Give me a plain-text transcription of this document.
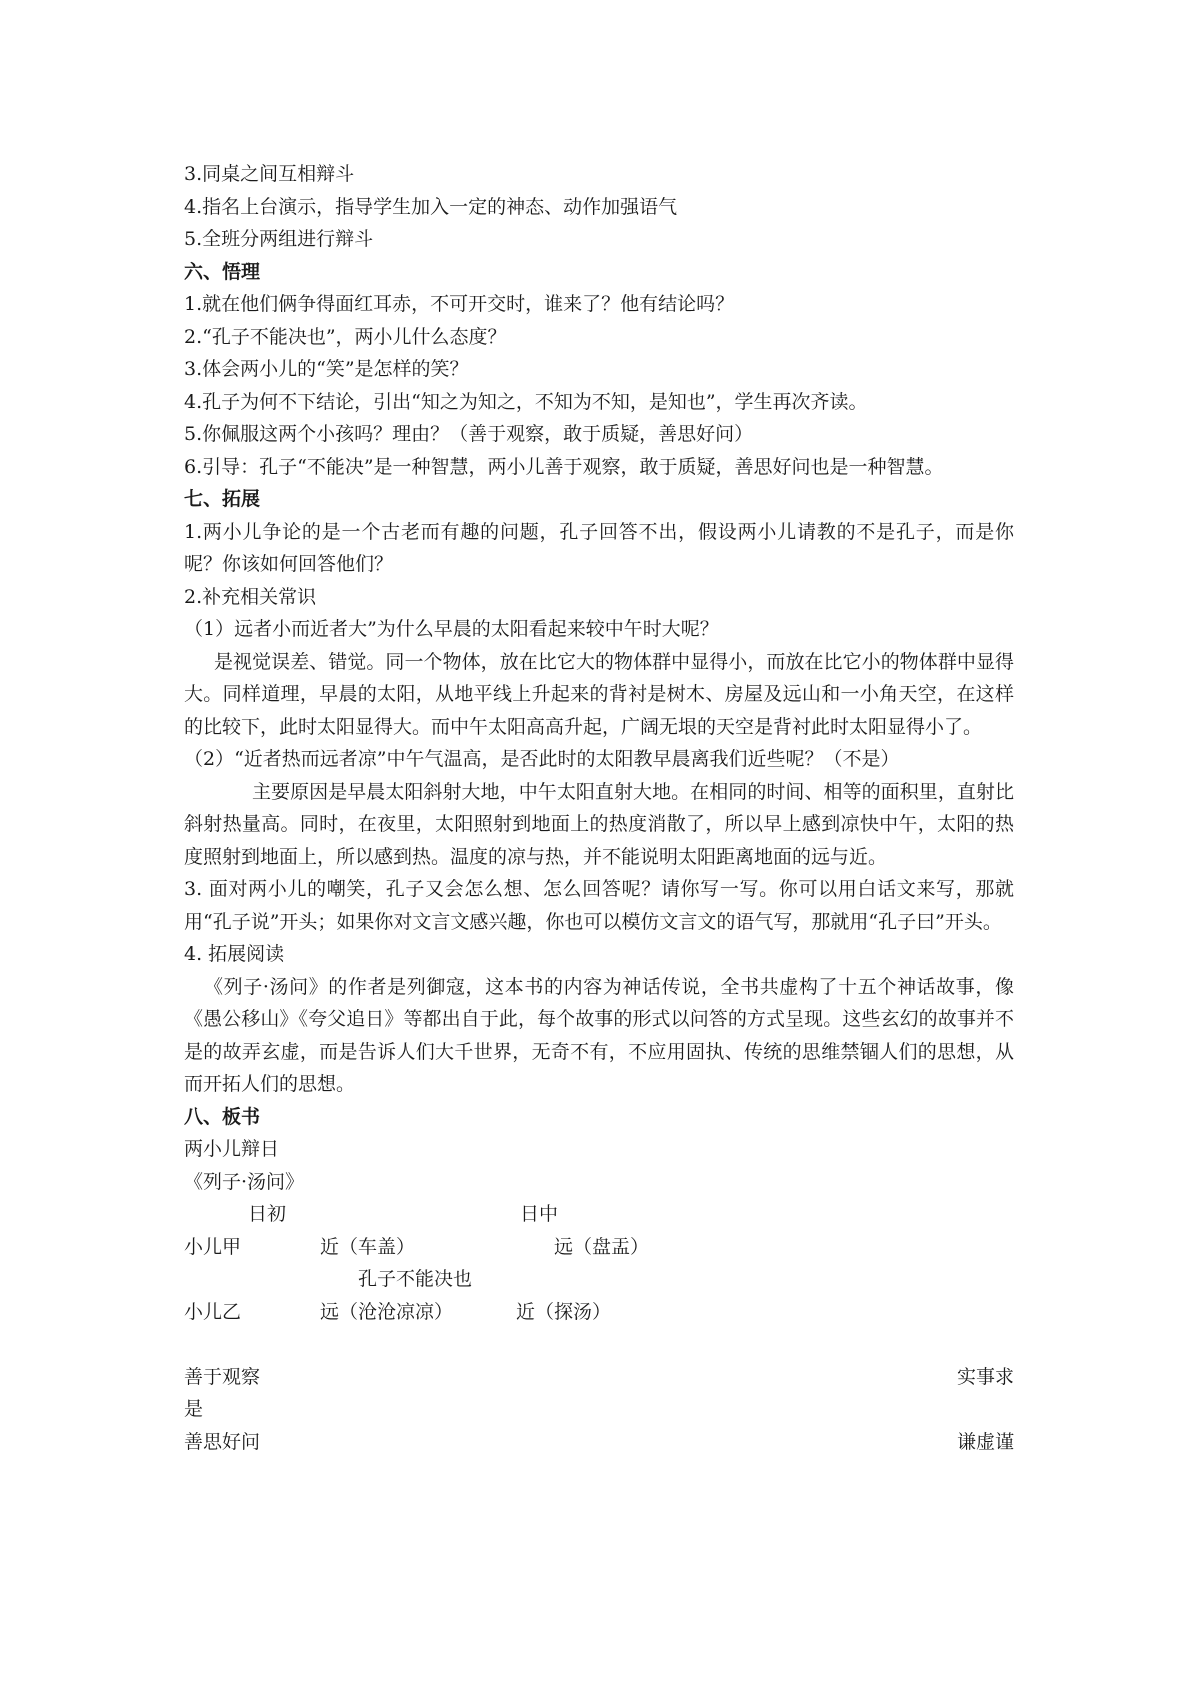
3.同桌之间互相辩斗
4.指名上台演示，指导学生加入一定的神态、动作加强语气
5.全班分两组进行辩斗
六、悟理
1.就在他们俩争得面红耳赤，不可开交时，谁来了？他有结论吗？
2.“孔子不能决也”，两小儿什么态度？
3.体会两小儿的“笑”是怎样的笑？
4.孔子为何不下结论，引出“知之为知之，不知为不知，是知也”，学生再次齐读。
5.你佩服这两个小孩吗？理由？（善于观察，敢于质疑，善思好问）
6.引导：孔子“不能决”是一种智慧，两小儿善于观察，敢于质疑，善思好问也是一种智慧。
七、拓展
1.两小儿争论的是一个古老而有趣的问题，孔子回答不出，假设两小儿请教的不是孔子，而是你呢？你该如何回答他们？
2.补充相关常识
（1）远者小而近者大”为什么早晨的太阳看起来较中午时大呢？
是视觉误差、错觉。同一个物体，放在比它大的物体群中显得小，而放在比它小的物体群中显得大。同样道理，早晨的太阳，从地平线上升起来的背衬是树木、房屋及远山和一小角天空，在这样的比较下，此时太阳显得大。而中午太阳高高升起，广阔无垠的天空是背衬此时太阳显得小了。
（2）“近者热而远者凉”中午气温高，是否此时的太阳教早晨离我们近些呢？（不是）
主要原因是早晨太阳斜射大地，中午太阳直射大地。在相同的时间、相等的面积里，直射比斜射热量高。同时，在夜里，太阳照射到地面上的热度消散了，所以早上感到凉快中午，太阳的热度照射到地面上，所以感到热。温度的凉与热，并不能说明太阳距离地面的远与近。
3. 面对两小儿的嘲笑，孔子又会怎么想、怎么回答呢？请你写一写。你可以用白话文来写，那就用“孔子说”开头；如果你对文言文感兴趣，你也可以模仿文言文的语气写，那就用“孔子曰”开头。
4. 拓展阅读
《列子·汤问》的作者是列御寇，这本书的内容为神话传说，全书共虚构了十五个神话故事，像《愚公移山》《夸父追日》等都出自于此，每个故事的形式以问答的方式呈现。这些玄幻的故事并不是的故弄玄虚，而是告诉人们大千世界，无奇不有，不应用固执、传统的思维禁锢人们的思想，从而开拓人们的思想。
八、板书
两小儿辩日
《列子·汤问》
日初	日中
小儿甲	近（车盖）	远（盘盂）
孔子不能决也
小儿乙	远（沧沧凉凉）	近（探汤）
善于观察	实事求
是
善思好问	谦虚谨
